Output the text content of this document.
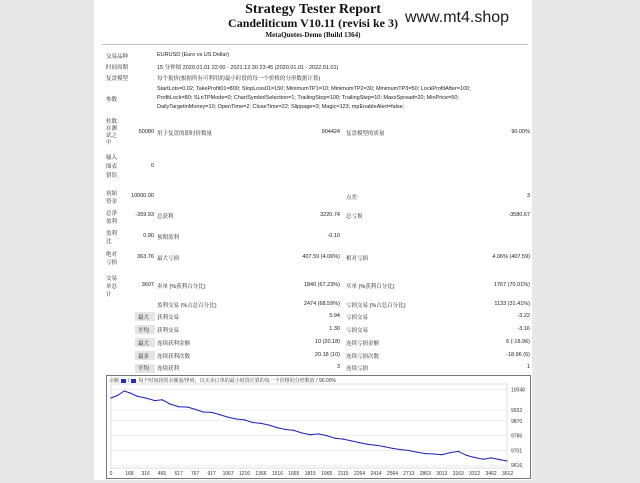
Strategy Tester Report
Candeliticum V10.11 (revisi ke 3)
MetaQuotes-Demo (Build 1364)
www.mt4.shop
交易品种	EURUSD (Euro vs US Dollar)
时间周期	15 分钟图 2020.01.01 22:00 - 2021.12.30 23:45 (2020.01.01 - 2022.01.01)
复盘模型	每个报价(根据所有可利用的最小时段的每一个价格的分形数据计算)
参数
StartLots=0.02; TakeProfit01=800; StopLoss01=150; MinimumTP1=10; MinimumTP2=30; MinimumTP3=50; LockProfitAfter=100;
ProfitLock=80; SLnTPMode=0; ChartSymbolSelection=1; TrailingStop=100; TrailingStep=10; MaxxSpread=20; MinPrice=50;
DailyTargetinMoney=10; OpenTime=2; CloseTime=22; Slippage=3; Magic=123; mpEnableAlert=false;
柱数
在测
试之
中
50080 用于复盘的即时价数量	904424 复盘模型的质量	90.00%
输入
图表
错误
0
初始
资金
10000.00	点差	3
总净
盈利
-359.93 总获利	3220.74 总亏损	-3580.67
盈利
比
0.90 预期盈利	-0.10
绝对
亏损
363.76 最大亏损	407.59 (4.06%) 相对亏损	4.06% (407.59)
交易
单总
计
3607 卖单 (%获利百分比)	1840 (67.23%) 买单 (%获利百分比)	1767 (70.01%)
盈利交易 (%占总百分比)	2474 (68.59%) 亏损交易 (%占总百分比)	1133 (31.41%)
最大 获利交易	5.94 亏损交易	-3.22
平均 获利交易	1.30 亏损交易	-3.16
最大 连续获利金额	10 (20.18) 连续亏损金额	6 (-18.96)
最多 连续获利次数	20.18 (10) 连续亏损次数	-18.96 (6)
平均 连续获利	3 连续亏损	1
余额 / 每个时间段的余额量/净值，以买卖订单的最小时段计算的每一个价格的分形数值 / 90.00%
10048
9932
9870
9786
9701
9616
0	168 316 465 617 767 917 1067 1216 1366 1516 1665 1815 1965 2115 2264 2414 2564 2713 2863 3013 3163 3312 3462 3612
